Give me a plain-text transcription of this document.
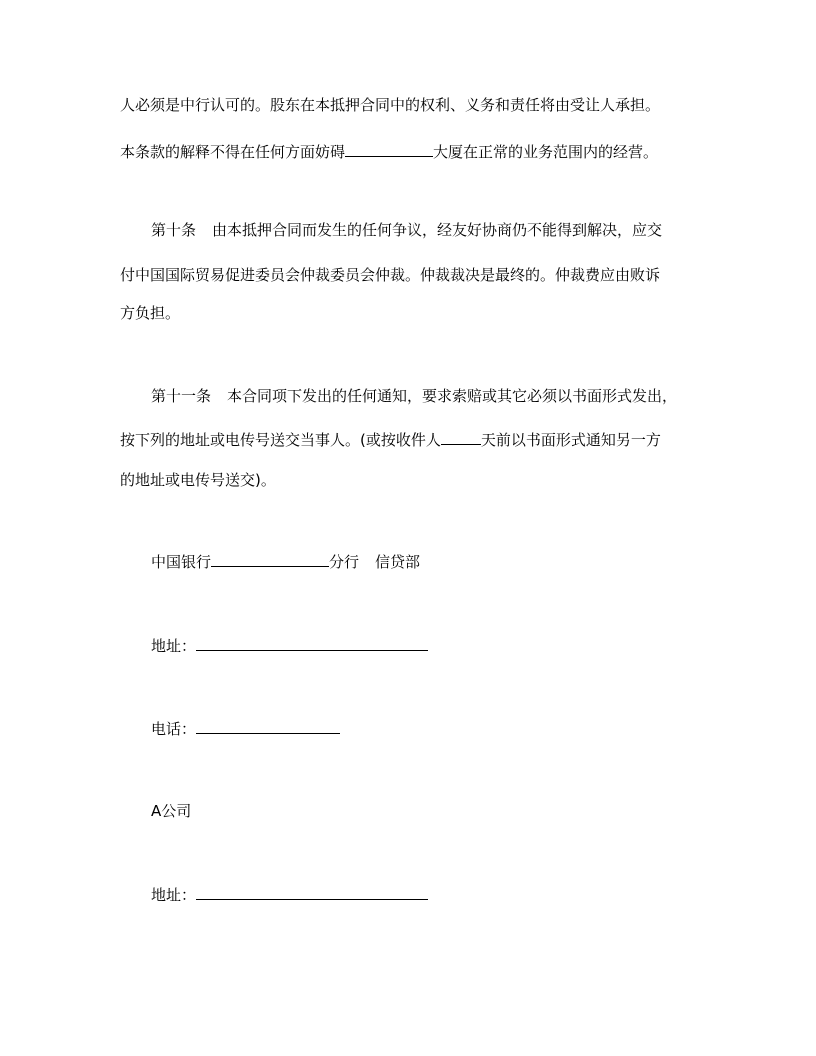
人必须是中行认可的。股东在本抵押合同中的权利、义务和责任将由受让人承担。
本条款的解释不得在任何方面妨碍	大厦在正常的业务范围内的经营。
第十条 由本抵押合同而发生的任何争议，经友好协商仍不能得到解决，应交
付中国国际贸易促进委员会仲裁委员会仲裁。仲裁裁决是最终的。仲裁费应由败诉
方负担。
第十一条 本合同项下发出的任何通知，要求索赔或其它必须以书面形式发出，
按下列的地址或电传号送交当事人。(或按收件人	天前以书面形式通知另一方
的地址或电传号送交)。
中国银行	分行 信贷部
地址：
电话：
A公司
地址：
